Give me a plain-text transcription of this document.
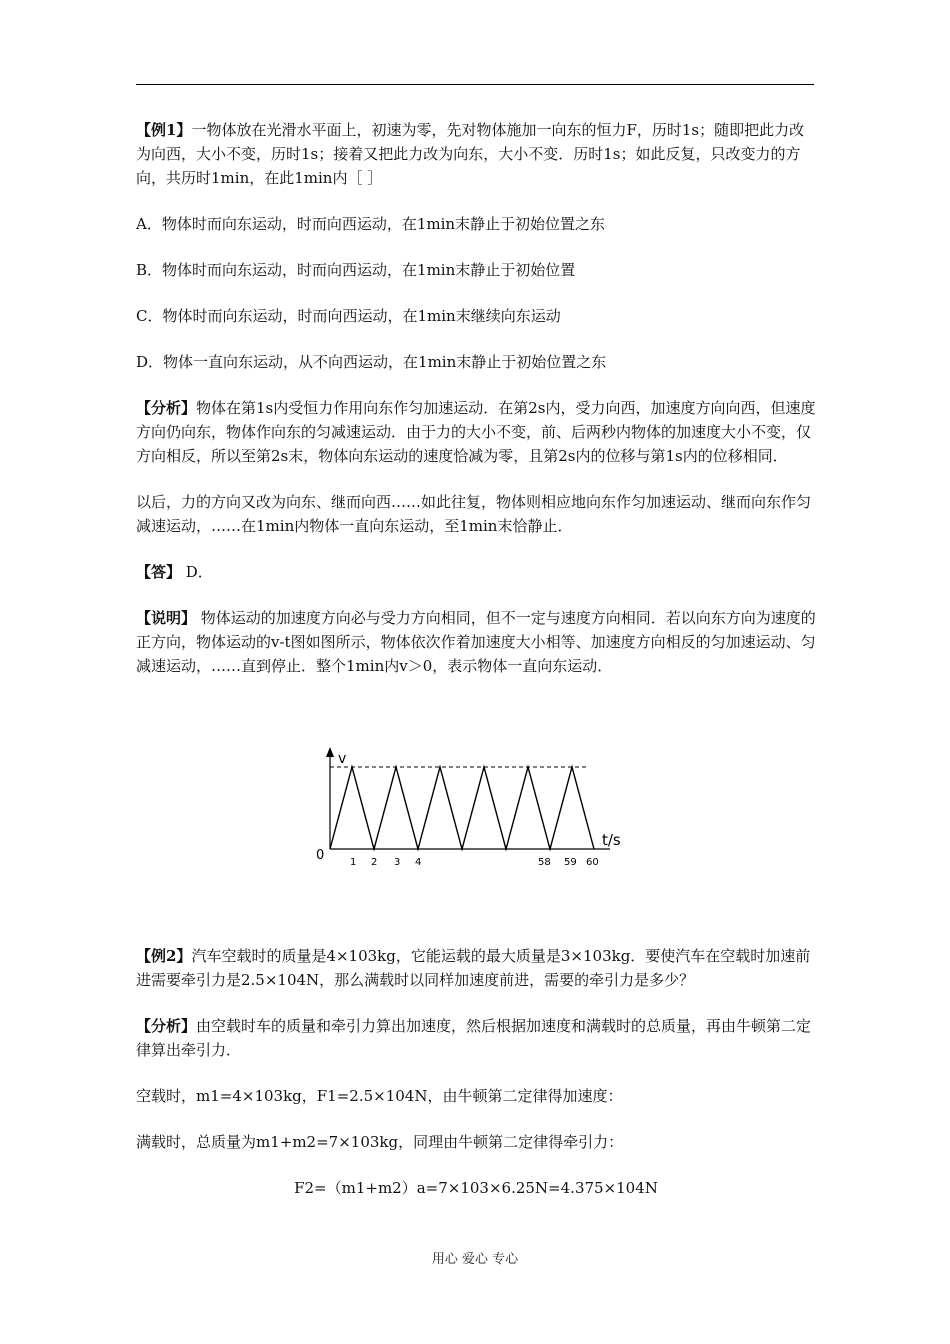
【例1】一物体放在光滑水平面上，初速为零，先对物体施加一向东的恒力F，历时1s；随即把此力改为向西，大小不变，历时1s；接着又把此力改为向东，大小不变．历时1s；如此反复，只改变力的方向，共历时1min，在此1min内［ ］

A．物体时而向东运动，时而向西运动，在1min末静止于初始位置之东

B．物体时而向东运动，时而向西运动，在1min末静止于初始位置

C．物体时而向东运动，时而向西运动，在1min末继续向东运动

D．物体一直向东运动，从不向西运动，在1min末静止于初始位置之东

【分析】物体在第1s内受恒力作用向东作匀加速运动．在第2s内，受力向西，加速度方向向西，但速度方向仍向东，物体作向东的匀减速运动．由于力的大小不变，前、后两秒内物体的加速度大小不变，仅方向相反，所以至第2s末，物体向东运动的速度恰减为零，且第2s内的位移与第1s内的位移相同．

以后，力的方向又改为向东、继而向西……如此往复，物体则相应地向东作匀加速运动、继而向东作匀减速运动，……在1min内物体一直向东运动，至1min末恰静止．

【答】 D．

【说明】 物体运动的加速度方向必与受力方向相同，但不一定与速度方向相同．若以向东方向为速度的正方向，物体运动的v-t图如图所示，物体依次作着加速度大小相等、加速度方向相反的匀加速运动、匀减速运动，……直到停止．整个1min内v＞0，表示物体一直向东运动．

v
t/s
0	1 2 3 4	58 59 60

【例2】汽车空载时的质量是4×103kg，它能运载的最大质量是3×103kg．要使汽车在空载时加速前进需要牵引力是2.5×104N，那么满载时以同样加速度前进，需要的牵引力是多少？

【分析】由空载时车的质量和牵引力算出加速度，然后根据加速度和满载时的总质量，再由牛顿第二定律算出牵引力．

空载时，m1=4×103kg，F1=2.5×104N，由牛顿第二定律得加速度：

满载时，总质量为m1+m2=7×103kg，同理由牛顿第二定律得牵引力：

F2=（m1+m2）a=7×103×6.25N=4.375×104N

用心 爱心 专心
